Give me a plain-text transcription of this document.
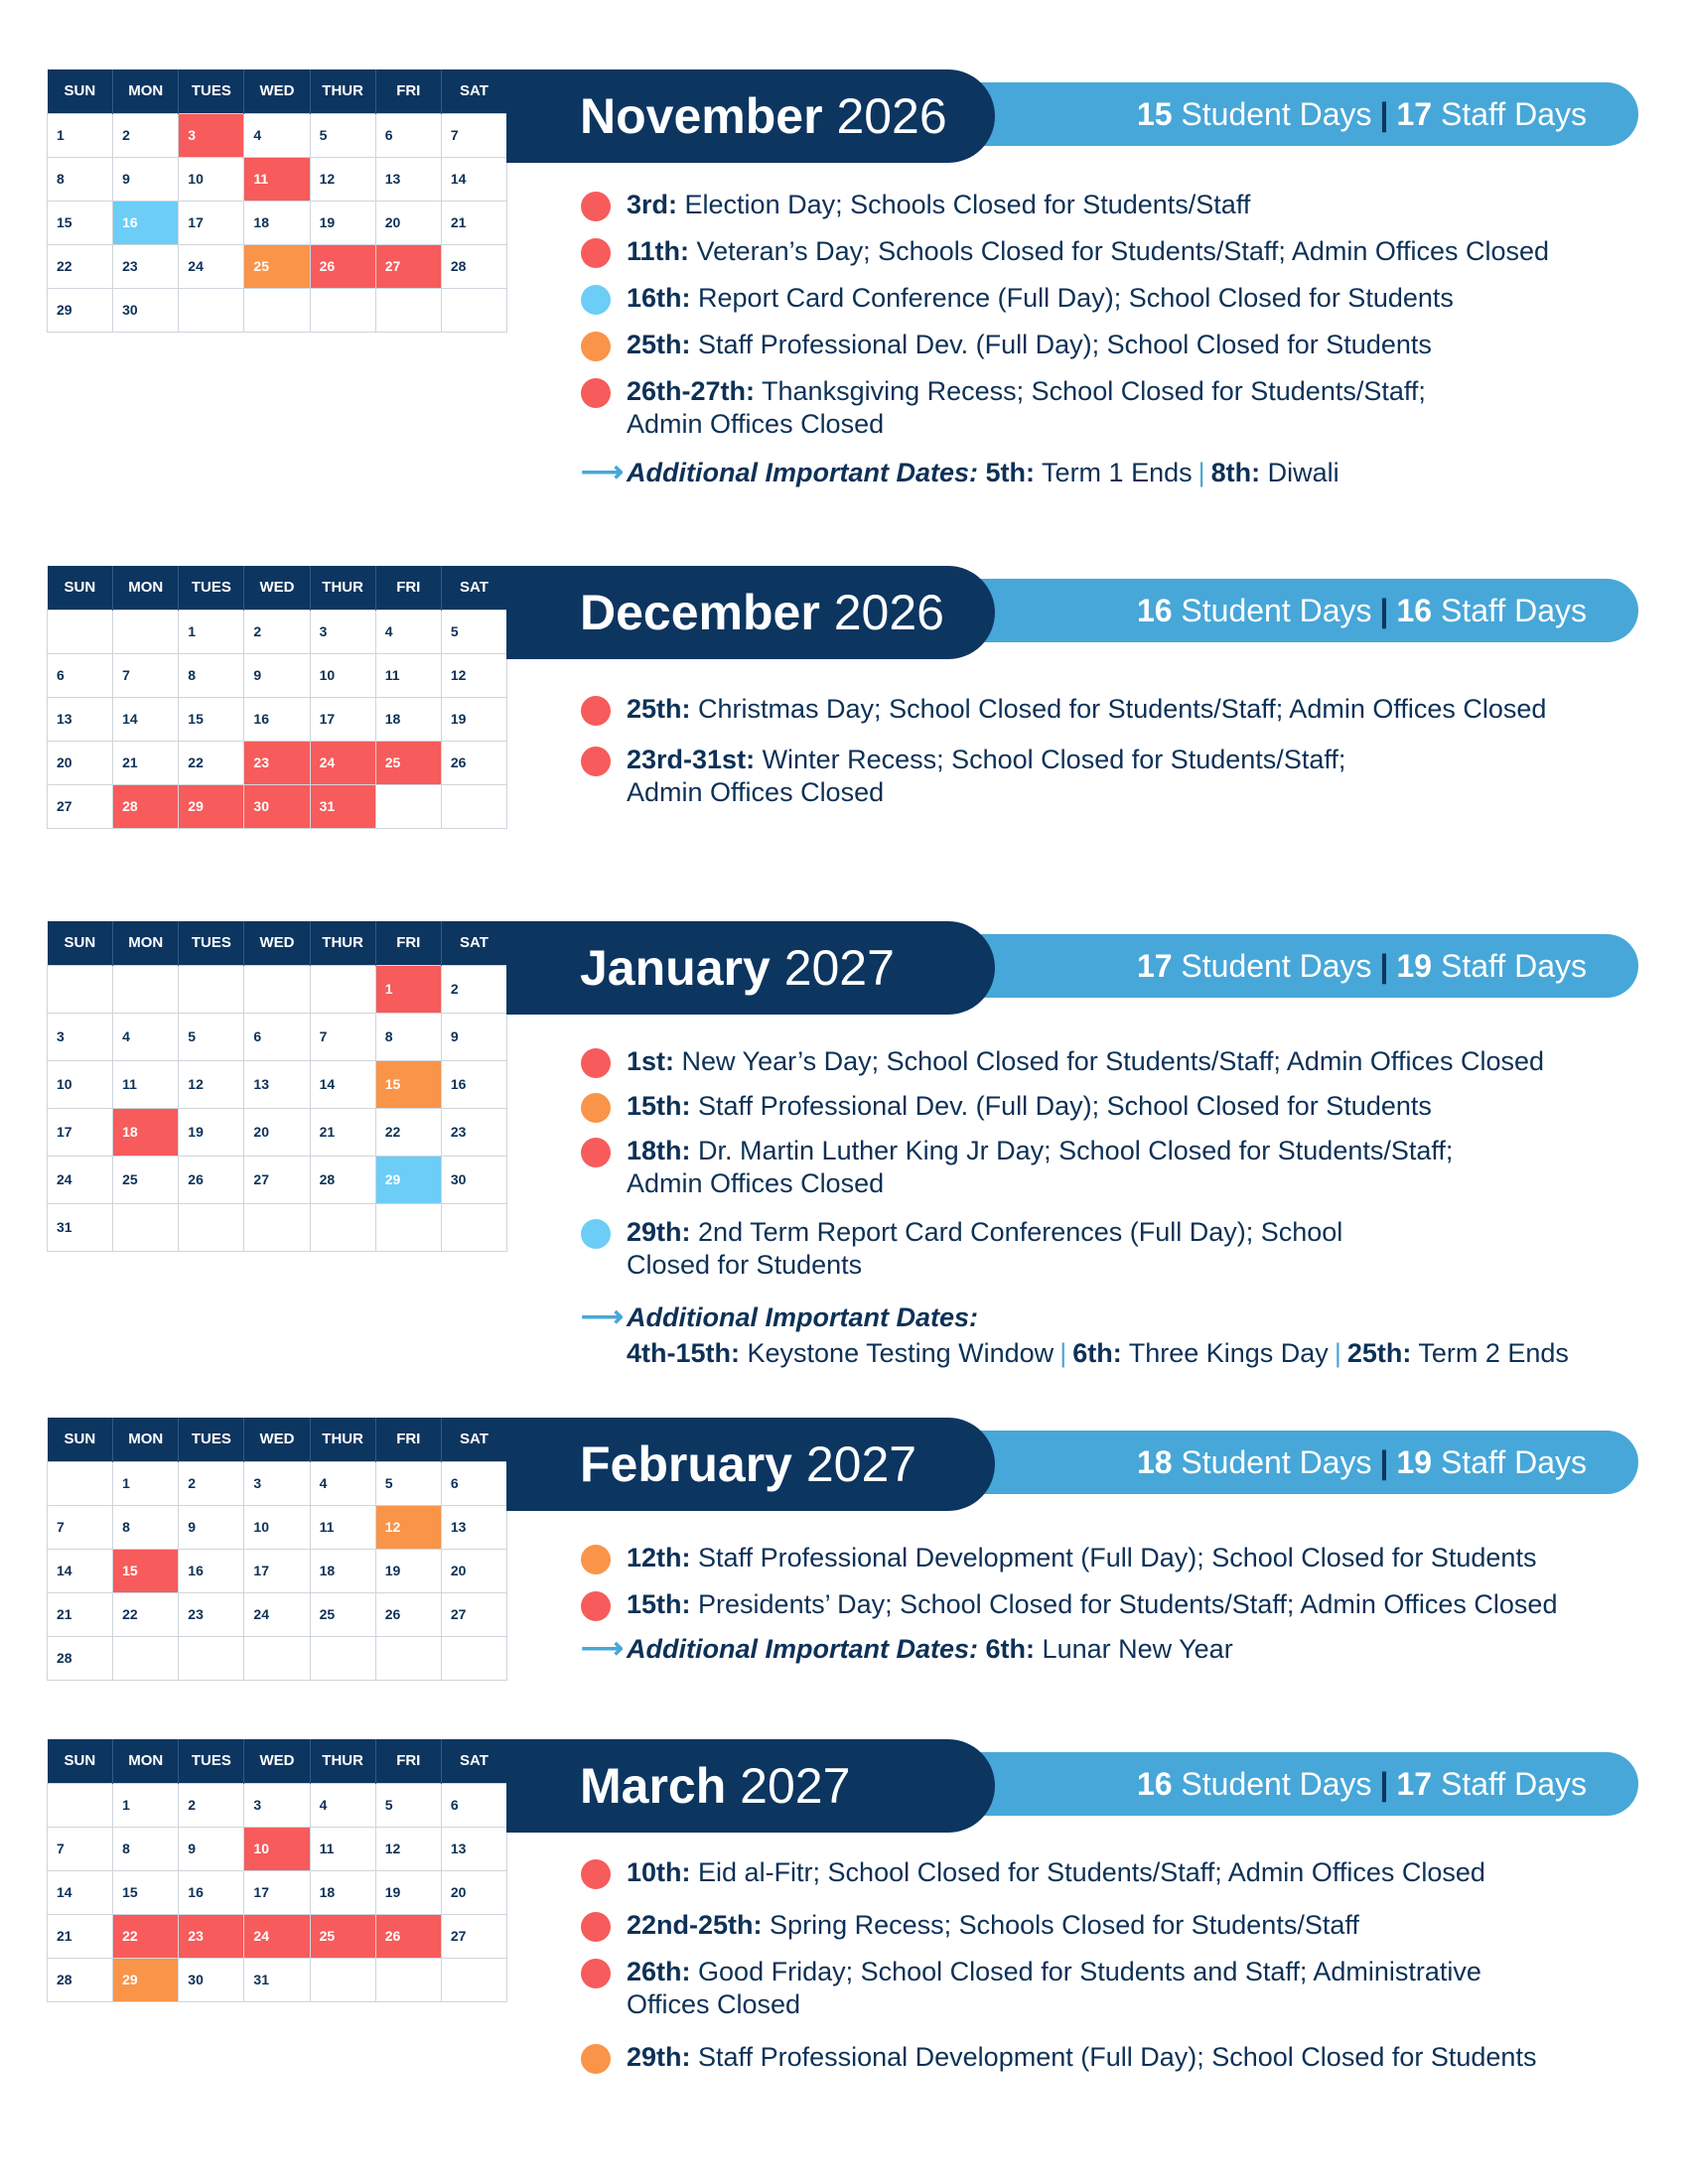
SUN	MON	TUES	WED	THUR	FRI	SAT
1	2	3	4	5	6	7
8	9	10	11	12	13	14
15	16	17	18	19	20	21
22	23	24	25	26	27	28
29	30					
15 Student Days | 17 Staff Days
November 2026
3rd: Election Day; Schools Closed for Students/Staff
11th: Veteran’s Day; Schools Closed for Students/Staff; Admin Offices Closed
16th: Report Card Conference (Full Day); School Closed for Students
25th: Staff Professional Dev. (Full Day); School Closed for Students
26th-27th: Thanksgiving Recess; School Closed for Students/Staff;
Admin Offices Closed
⟶ Additional Important Dates: 5th: Term 1 Ends | 8th: Diwali
SUN	MON	TUES	WED	THUR	FRI	SAT
		1	2	3	4	5
6	7	8	9	10	11	12
13	14	15	16	17	18	19
20	21	22	23	24	25	26
27	28	29	30	31		
16 Student Days | 16 Staff Days
December 2026
25th: Christmas Day; School Closed for Students/Staff; Admin Offices Closed
23rd-31st: Winter Recess; School Closed for Students/Staff;
Admin Offices Closed
SUN	MON	TUES	WED	THUR	FRI	SAT
					1	2
3	4	5	6	7	8	9
10	11	12	13	14	15	16
17	18	19	20	21	22	23
24	25	26	27	28	29	30
31						
17 Student Days | 19 Staff Days
January 2027
1st: New Year’s Day; School Closed for Students/Staff; Admin Offices Closed
15th: Staff Professional Dev. (Full Day); School Closed for Students
18th: Dr. Martin Luther King Jr Day; School Closed for Students/Staff;
Admin Offices Closed
29th: 2nd Term Report Card Conferences (Full Day); School
Closed for Students
⟶ Additional Important Dates:
4th-15th: Keystone Testing Window | 6th: Three Kings Day | 25th: Term 2 Ends
SUN	MON	TUES	WED	THUR	FRI	SAT
	1	2	3	4	5	6
7	8	9	10	11	12	13
14	15	16	17	18	19	20
21	22	23	24	25	26	27
28						
18 Student Days | 19 Staff Days
February 2027
12th: Staff Professional Development (Full Day); School Closed for Students
15th: Presidents’ Day; School Closed for Students/Staff; Admin Offices Closed
⟶ Additional Important Dates: 6th: Lunar New Year
SUN	MON	TUES	WED	THUR	FRI	SAT
	1	2	3	4	5	6
7	8	9	10	11	12	13
14	15	16	17	18	19	20
21	22	23	24	25	26	27
28	29	30	31			
16 Student Days | 17 Staff Days
March 2027
10th: Eid al-Fitr; School Closed for Students/Staff; Admin Offices Closed
22nd-25th: Spring Recess; Schools Closed for Students/Staff
26th: Good Friday; School Closed for Students and Staff; Administrative
Offices Closed
29th: Staff Professional Development (Full Day); School Closed for Students
